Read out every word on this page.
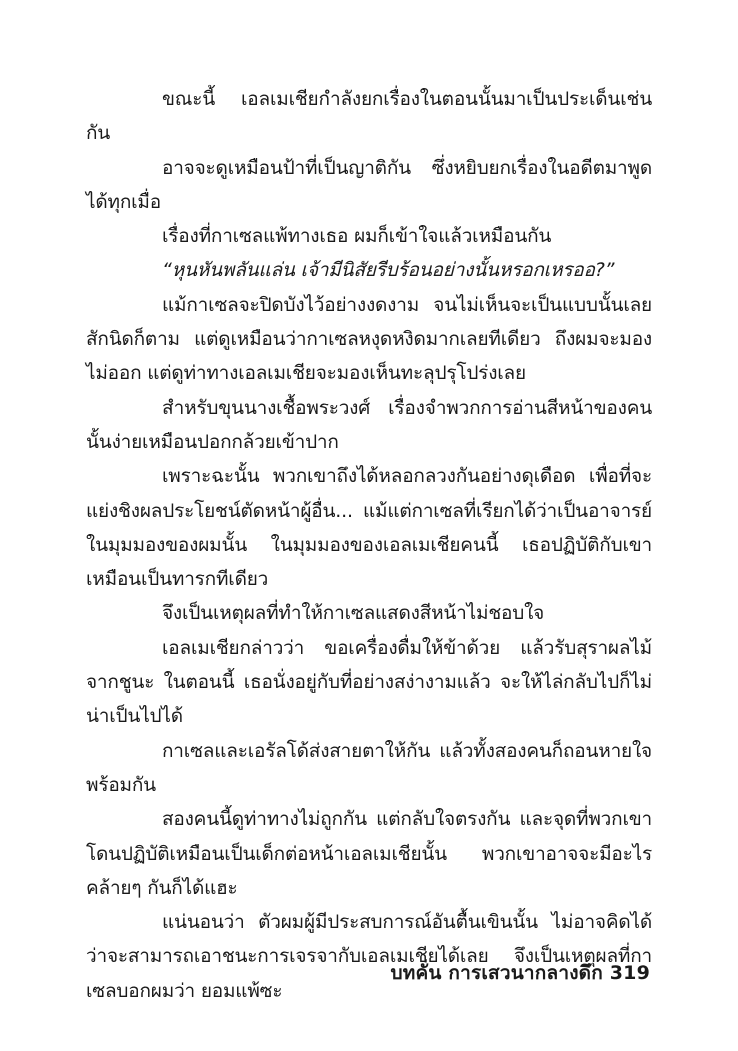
ขณะนี้ เอลเมเชียกำลังยกเรื่องในตอนนั้นมาเป็นประเด็นเช่นกัน

อาจจะดูเหมือนป้าที่เป็นญาติกัน ซึ่งหยิบยกเรื่องในอดีตมาพูดได้ทุกเมื่อ

เรื่องที่กาเซลแพ้ทางเธอ ผมก็เข้าใจแล้วเหมือนกัน

“หุนหันพลันแล่น เจ้ามีนิสัยรีบร้อนอย่างนั้นหรอกเหรออ?”

แม้กาเซลจะปิดบังไว้อย่างงดงาม จนไม่เห็นจะเป็นแบบนั้นเลยสักนิดก็ตาม แต่ดูเหมือนว่ากาเซลหงุดหงิดมากเลยทีเดียว ถึงผมจะมองไม่ออก แต่ดูท่าทางเอลเมเชียจะมองเห็นทะลุปรุโปร่งเลย

สำหรับขุนนางเชื้อพระวงศ์ เรื่องจำพวกการอ่านสีหน้าของคนนั้นง่ายเหมือนปอกกล้วยเข้าปาก

เพราะฉะนั้น พวกเขาถึงได้หลอกลวงกันอย่างดุเดือด เพื่อที่จะแย่งชิงผลประโยชน์ตัดหน้าผู้อื่น... แม้แต่กาเซลที่เรียกได้ว่าเป็นอาจารย์ในมุมมองของผมนั้น ในมุมมองของเอลเมเชียคนนี้ เธอปฏิบัติกับเขาเหมือนเป็นทารกทีเดียว

จึงเป็นเหตุผลที่ทำให้กาเซลแสดงสีหน้าไม่ชอบใจ

เอลเมเชียกล่าวว่า ขอเครื่องดื่มให้ข้าด้วย แล้วรับสุราผลไม้จากชูนะ ในตอนนี้ เธอนั่งอยู่กับที่อย่างสง่างามแล้ว จะให้ไล่กลับไปก็ไม่น่าเป็นไปได้

กาเซลและเอรัลโด้ส่งสายตาให้กัน แล้วทั้งสองคนก็ถอนหายใจพร้อมกัน

สองคนนี้ดูท่าทางไม่ถูกกัน แต่กลับใจตรงกัน และจุดที่พวกเขาโดนปฏิบัติเหมือนเป็นเด็กต่อหน้าเอลเมเชียนั้น พวกเขาอาจจะมีอะไรคล้ายๆ กันก็ได้แฮะ

แน่นอนว่า ตัวผมผู้มีประสบการณ์อันตื้นเขินนั้น ไม่อาจคิดได้ว่าจะสามารถเอาชนะการเจรจากับเอลเมเชียได้เลย จึงเป็นเหตุผลที่กาเซลบอกผมว่า ยอมแพ้ซะ

บทคั่น การเสวนากลางดึก 319
